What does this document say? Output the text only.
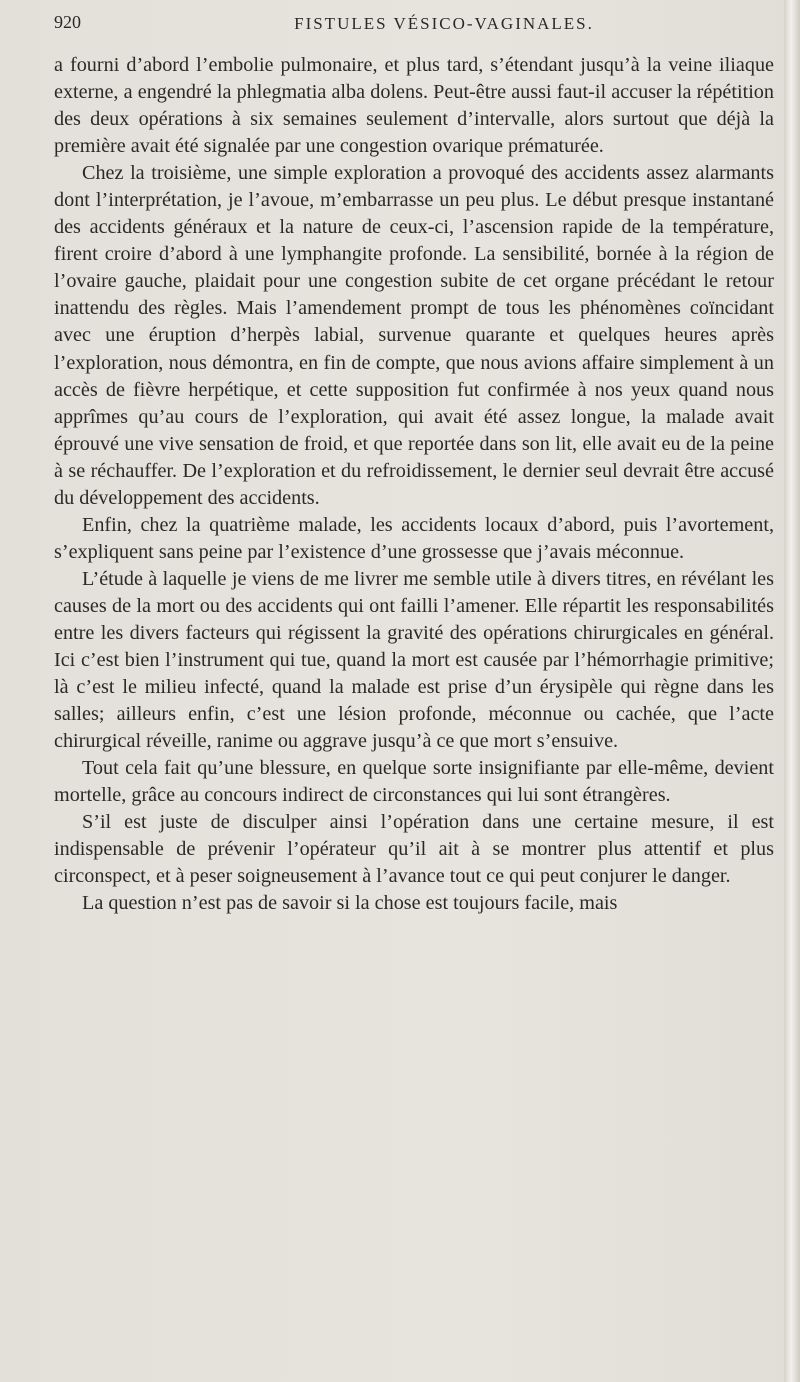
920	FISTULES VÉSICO-VAGINALES.

a fourni d’abord l’embolie pulmonaire, et plus tard, s’étendant jusqu’à la veine iliaque externe, a engendré la phlegmatia alba dolens. Peut-être aussi faut-il accuser la répétition des deux opérations à six semaines seulement d’intervalle, alors surtout que déjà la première avait été signalée par une congestion ovarique prématurée.

Chez la troisième, une simple exploration a provoqué des accidents assez alarmants dont l’interprétation, je l’avoue, m’embarrasse un peu plus. Le début presque instantané des accidents généraux et la nature de ceux-ci, l’ascension rapide de la température, firent croire d’abord à une lymphangite profonde. La sensibilité, bornée à la région de l’ovaire gauche, plaidait pour une congestion subite de cet organe précédant le retour inattendu des règles. Mais l’amendement prompt de tous les phénomènes coïncidant avec une éruption d’herpès labial, survenue quarante et quelques heures après l’exploration, nous démontra, en fin de compte, que nous avions affaire simplement à un accès de fièvre herpétique, et cette supposition fut confirmée à nos yeux quand nous apprîmes qu’au cours de l’exploration, qui avait été assez longue, la malade avait éprouvé une vive sensation de froid, et que reportée dans son lit, elle avait eu de la peine à se réchauffer. De l’exploration et du refroidissement, le dernier seul devrait être accusé du développement des accidents.

Enfin, chez la quatrième malade, les accidents locaux d’abord, puis l’avortement, s’expliquent sans peine par l’existence d’une grossesse que j’avais méconnue.

L’étude à laquelle je viens de me livrer me semble utile à divers titres, en révélant les causes de la mort ou des accidents qui ont failli l’amener. Elle répartit les responsabilités entre les divers facteurs qui régissent la gravité des opérations chirurgicales en général. Ici c’est bien l’instrument qui tue, quand la mort est causée par l’hémorrhagie primitive; là c’est le milieu infecté, quand la malade est prise d’un érysipèle qui règne dans les salles; ailleurs enfin, c’est une lésion profonde, méconnue ou cachée, que l’acte chirurgical réveille, ranime ou aggrave jusqu’à ce que mort s’ensuive.

Tout cela fait qu’une blessure, en quelque sorte insignifiante par elle-même, devient mortelle, grâce au concours indirect de circonstances qui lui sont étrangères.

S’il est juste de disculper ainsi l’opération dans une certaine mesure, il est indispensable de prévenir l’opérateur qu’il ait à se montrer plus attentif et plus circonspect, et à peser soigneusement à l’avance tout ce qui peut conjurer le danger.

La question n’est pas de savoir si la chose est toujours facile, mais
